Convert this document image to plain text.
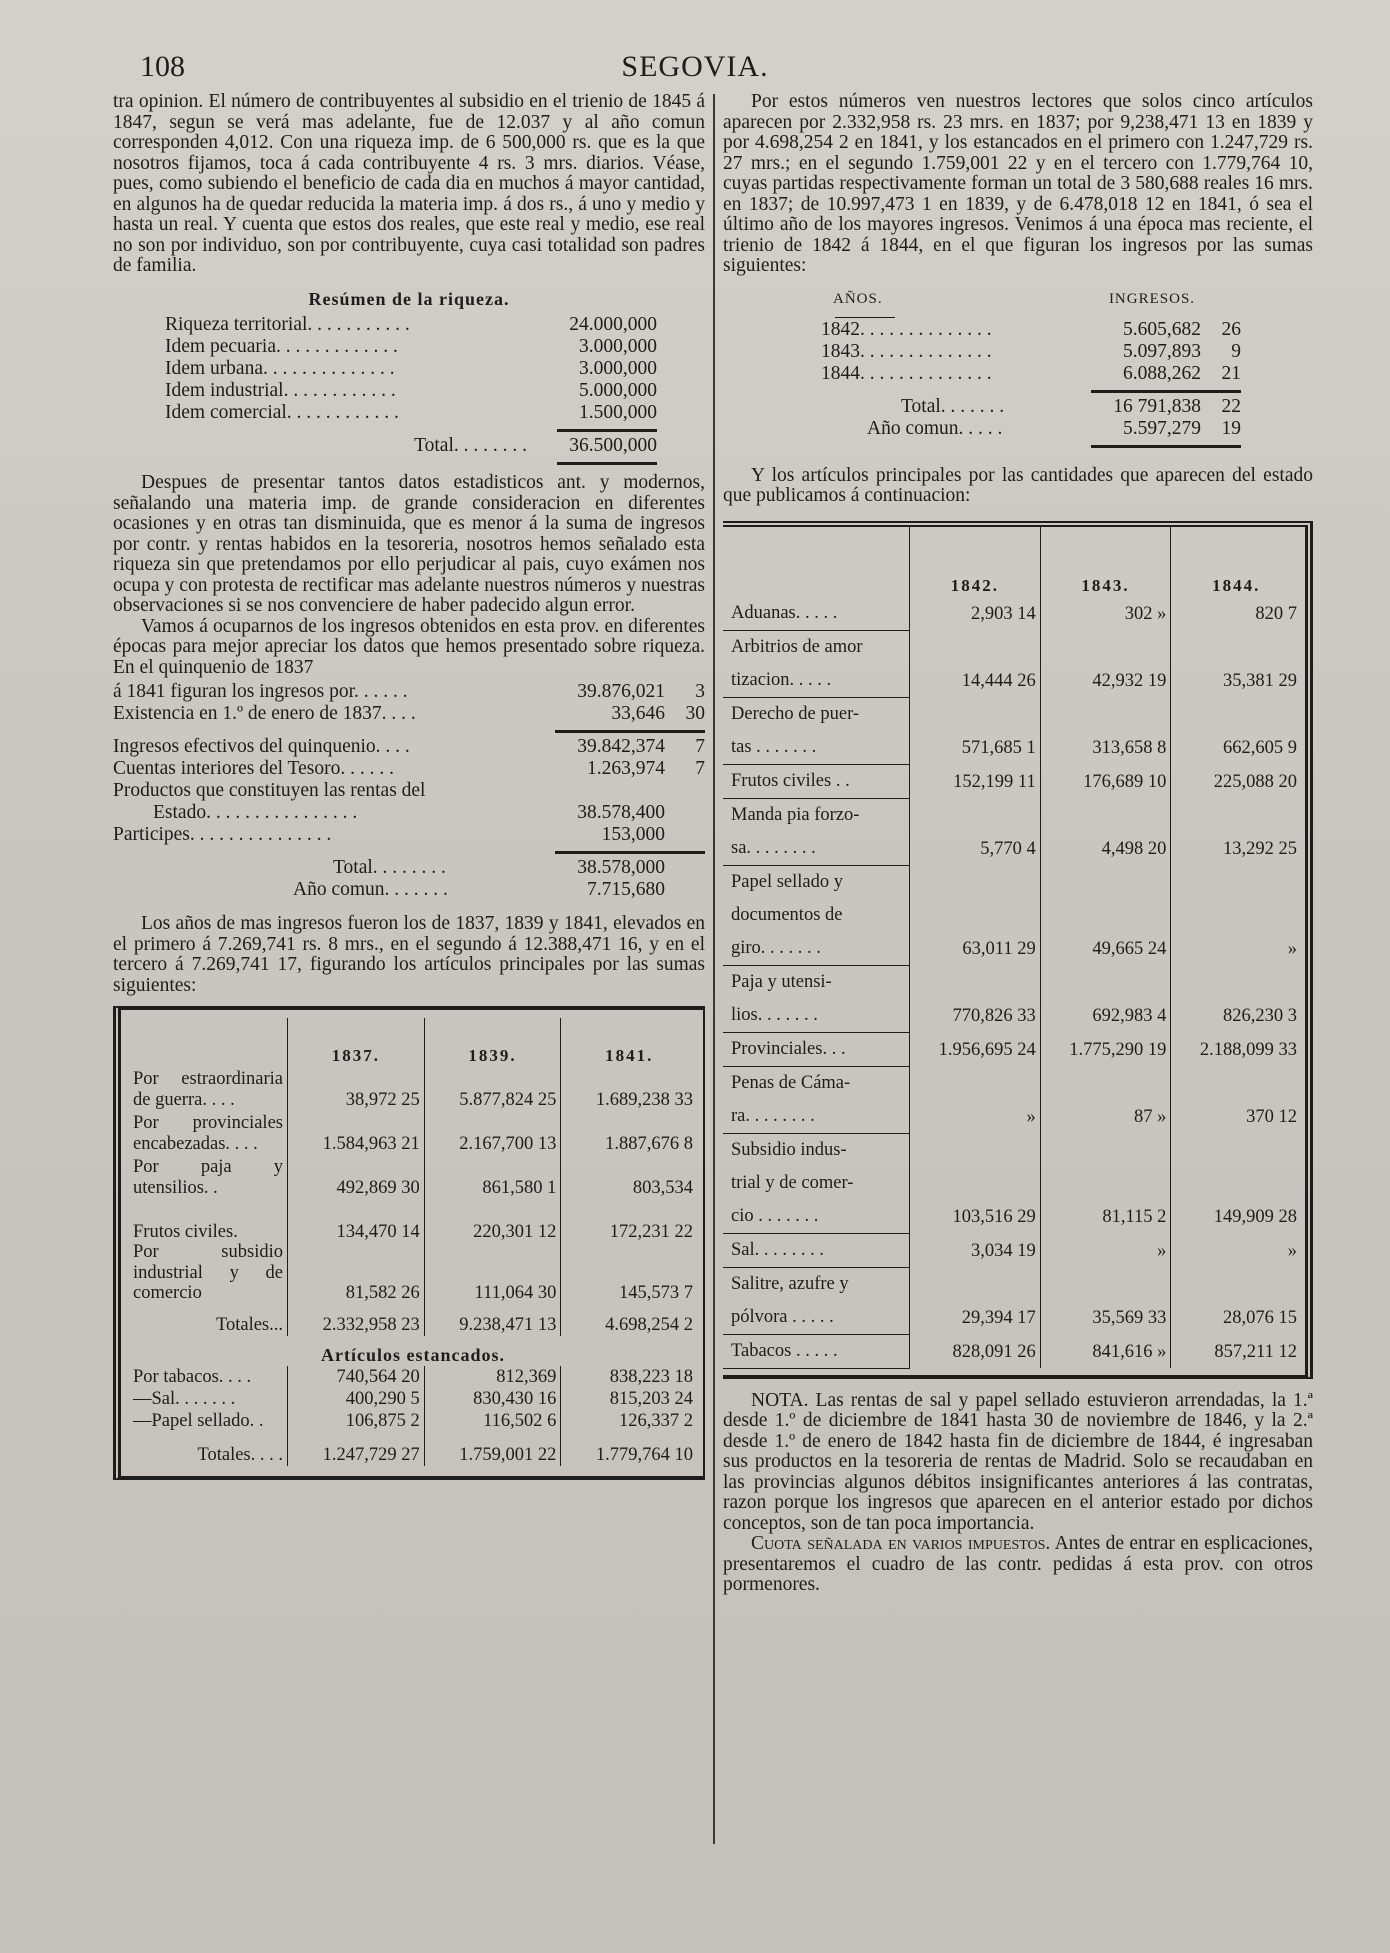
108	SEGOVIA.

tra opinion. El número de contribuyentes al subsidio en el trienio de 1845 á 1847, segun se verá mas adelante, fue de 12.037 y al año comun corresponden 4,012. Con una riqueza imp. de 6 500,000 rs. que es la que nosotros fijamos, toca á cada contribuyente 4 rs. 3 mrs. diarios. Véase, pues, como subiendo el beneficio de cada dia en muchos á mayor cantidad, en algunos ha de quedar reducida la materia imp. á dos rs., á uno y medio y hasta un real. Y cuenta que estos dos reales, que este real y medio, ese real no son por individuo, son por contribuyente, cuya casi totalidad son padres de familia.

Resúmen de la riqueza.
Riqueza territorial. . . . . . . . . . .	24.000,000
Idem pecuaria. . . . . . . . . . . . .	3.000,000
Idem urbana. . . . . . . . . . . . . .	3.000,000
Idem industrial. . . . . . . . . . . .	5.000,000
Idem comercial. . . . . . . . . . . .	1.500,000
Total. . . . . . . .	36.500,000

Despues de presentar tantos datos estadisticos ant. y modernos, señalando una materia imp. de grande consideracion en diferentes ocasiones y en otras tan disminuida, que es menor á la suma de ingresos por contr. y rentas habidos en la tesoreria, nosotros hemos señalado esta riqueza sin que pretendamos por ello perjudicar al pais, cuyo exámen nos ocupa y con protesta de rectificar mas adelante nuestros números y nuestras observaciones si se nos convenciere de haber padecido algun error.

Vamos á ocuparnos de los ingresos obtenidos en esta prov. en diferentes épocas para mejor apreciar los datos que hemos presentado sobre riqueza. En el quinquenio de 1837

á 1841 figuran los ingresos por. . . . . .	39.876,021	3
Existencia en 1.º de enero de 1837. . . .	33,646	30
Ingresos efectivos del quinquenio. . . .	39.842,374	7
Cuentas interiores del Tesoro. . . . . .	1.263,974	7
Productos que constituyen las rentas del
Estado. . . . . . . . . . . . . . . .	38.578,400
Participes. . . . . . . . . . . . . . .	153,000
Total. . . . . . . .	38.578,000
Año comun. . . . . . .	7.715,680

Los años de mas ingresos fueron los de 1837, 1839 y 1841, elevados en el primero á 7.269,741 rs. 8 mrs., en el segundo á 12.388,471 16, y en el tercero á 7.269,741 17, figurando los artículos principales por las sumas siguientes:

	1837.	1839.	1841.
Por estraordinaria de guerra. . . .	38,972 25	5.877,824 25	1.689,238 33
Por provinciales encabezadas. . . .	1.584,963 21	2.167,700 13	1.887,676 8
Por paja y utensilios. .	492,869 30	861,580 1	803,534
Frutos civiles.	134,470 14	220,301 12	172,231 22
Por subsidio industrial y de comercio	81,582 26	111,064 30	145,573 7
Totales...	2.332,958 23	9.238,471 13	4.698,254 2
Artículos estancados.			
Por tabacos. . . .	740,564 20	812,369	838,223 18
—Sal. . . . . . .	400,290 5	830,430 16	815,203 24
—Papel sellado. .	106,875 2	116,502 6	126,337 2
Totales. . . .	1.247,729 27	1.759,001 22	1.779,764 10

Por estos números ven nuestros lectores que solos cinco artículos aparecen por 2.332,958 rs. 23 mrs. en 1837; por 9,238,471 13 en 1839 y por 4.698,254 2 en 1841, y los estancados en el primero con 1.247,729 rs. 27 mrs.; en el segundo 1.759,001 22 y en el tercero con 1.779,764 10, cuyas partidas respectivamente forman un total de 3 580,688 reales 16 mrs. en 1837; de 10.997,473 1 en 1839, y de 6.478,018 12 en 1841, ó sea el último año de los mayores ingresos. Venimos á una época mas reciente, el trienio de 1842 á 1844, en el que figuran los ingresos por las sumas siguientes:

AÑOS.	INGRESOS.
1842. . . . . . . . . . . . . .	5.605,682	26
1843. . . . . . . . . . . . . .	5.097,893	9
1844. . . . . . . . . . . . . .	6.088,262	21
Total. . . . . . .	16 791,838	22
Año comun. . . . .	5.597,279	19

Y los artículos principales por las cantidades que aparecen del estado que publicamos á continuacion:

	1842.	1843.	1844.

Aduanas. . . . .	2,903 14	302 »	820 7

Arbitrios de amor
tizacion. . . . .	14,444 26	42,932 19	35,381 29

Derecho de puer-
tas . . . . . . .	571,685 1	313,658 8	662,605 9

Frutos civiles . .	152,199 11	176,689 10	225,088 20

Manda pia forzo-
sa. . . . . . . .	5,770 4	4,498 20	13,292 25

Papel sellado y
documentos de
giro. . . . . . .	63,011 29	49,665 24	»

Paja y utensi-
lios. . . . . . .	770,826 33	692,983 4	826,230 3

Provinciales. . .	1.956,695 24	1.775,290 19	2.188,099 33

Penas de Cáma-
ra. . . . . . . .	»	87 »	370 12

Subsidio indus-
trial y de comer-
cio . . . . . . .	103,516 29	81,115 2	149,909 28

Sal. . . . . . . .	3,034 19	»	»

Salitre, azufre y
pólvora . . . . .	29,394 17	35,569 33	28,076 15

Tabacos . . . . .	828,091 26	841,616 »	857,211 12

NOTA. Las rentas de sal y papel sellado estuvieron arrendadas, la 1.ª desde 1.º de diciembre de 1841 hasta 30 de noviembre de 1846, y la 2.ª desde 1.º de enero de 1842 hasta fin de diciembre de 1844, é ingresaban sus productos en la tesoreria de rentas de Madrid. Solo se recaudaban en las provincias algunos débitos insignificantes anteriores á las contratas, razon porque los ingresos que aparecen en el anterior estado por dichos conceptos, son de tan poca importancia.

Cuota señalada en varios impuestos. Antes de entrar en esplicaciones, presentaremos el cuadro de las contr. pedidas á esta prov. con otros pormenores.
